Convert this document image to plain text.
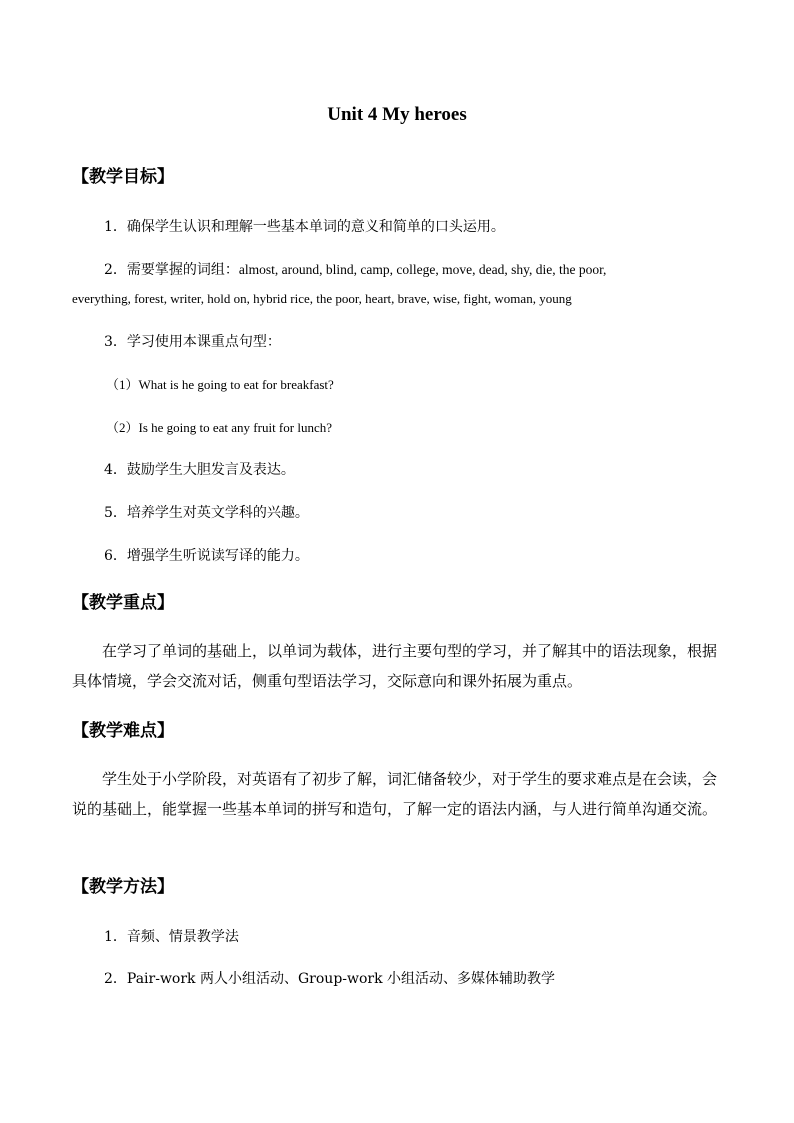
Unit 4 My heroes
【教学目标】
1．确保学生认识和理解一些基本单词的意义和简单的口头运用。
2．需要掌握的词组：almost, around, blind, camp, college, move, dead, shy, die, the poor,
everything, forest, writer, hold on, hybrid rice, the poor, heart, brave, wise, fight, woman, young
3．学习使用本课重点句型：
（1）What is he going to eat for breakfast?
（2）Is he going to eat any fruit for lunch?
4．鼓励学生大胆发言及表达。
5．培养学生对英文学科的兴趣。
6．增强学生听说读写译的能力。
【教学重点】
在学习了单词的基础上，以单词为载体，进行主要句型的学习，并了解其中的语法现象，根据具体情境，学会交流对话，侧重句型语法学习，交际意向和课外拓展为重点。
【教学难点】
学生处于小学阶段，对英语有了初步了解，词汇储备较少，对于学生的要求难点是在会读，会说的基础上，能掌握一些基本单词的拼写和造句，了解一定的语法内涵，与人进行简单沟通交流。
【教学方法】
1．音频、情景教学法
2．Pair-work 两人小组活动、Group-work 小组活动、多媒体辅助教学
